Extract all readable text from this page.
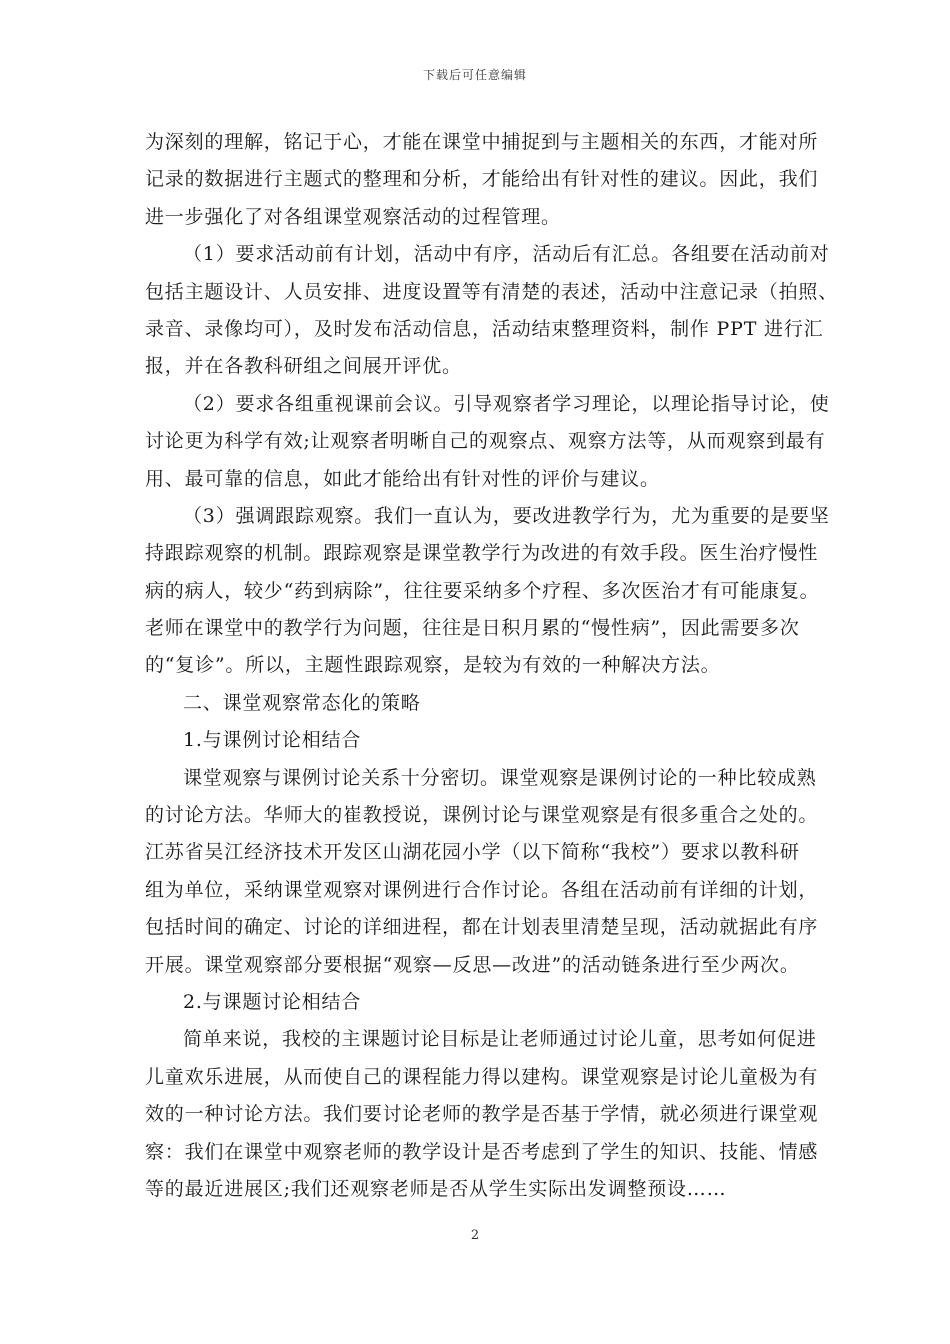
下载后可任意编辑
为深刻的理解，铭记于心，才能在课堂中捕捉到与主题相关的东西，才能对所
记录的数据进行主题式的整理和分析，才能给出有针对性的建议。因此，我们
进一步强化了对各组课堂观察活动的过程管理。
（1）要求活动前有计划，活动中有序，活动后有汇总。各组要在活动前对
包括主题设计、人员安排、进度设置等有清楚的表述，活动中注意记录（拍照、
录音、录像均可），及时发布活动信息，活动结束整理资料，制作 PPT 进行汇
报，并在各教科研组之间展开评优。
（2）要求各组重视课前会议。引导观察者学习理论，以理论指导讨论，使
讨论更为科学有效;让观察者明晰自己的观察点、观察方法等，从而观察到最有
用、最可靠的信息，如此才能给出有针对性的评价与建议。
（3）强调跟踪观察。我们一直认为，要改进教学行为，尤为重要的是要坚
持跟踪观察的机制。跟踪观察是课堂教学行为改进的有效手段。医生治疗慢性
病的病人，较少“药到病除”，往往要采纳多个疗程、多次医治才有可能康复。
老师在课堂中的教学行为问题，往往是日积月累的“慢性病”，因此需要多次
的“复诊”。所以，主题性跟踪观察，是较为有效的一种解决方法。
二、课堂观察常态化的策略
1.与课例讨论相结合
课堂观察与课例讨论关系十分密切。课堂观察是课例讨论的一种比较成熟
的讨论方法。华师大的崔教授说，课例讨论与课堂观察是有很多重合之处的。
江苏省吴江经济技术开发区山湖花园小学（以下简称“我校”）要求以教科研
组为单位，采纳课堂观察对课例进行合作讨论。各组在活动前有详细的计划，
包括时间的确定、讨论的详细进程，都在计划表里清楚呈现，活动就据此有序
开展。课堂观察部分要根据“观察—反思—改进”的活动链条进行至少两次。
2.与课题讨论相结合
简单来说，我校的主课题讨论目标是让老师通过讨论儿童，思考如何促进
儿童欢乐进展，从而使自己的课程能力得以建构。课堂观察是讨论儿童极为有
效的一种讨论方法。我们要讨论老师的教学是否基于学情，就必须进行课堂观
察：我们在课堂中观察老师的教学设计是否考虑到了学生的知识、技能、情感
等的最近进展区;我们还观察老师是否从学生实际出发调整预设……
2
